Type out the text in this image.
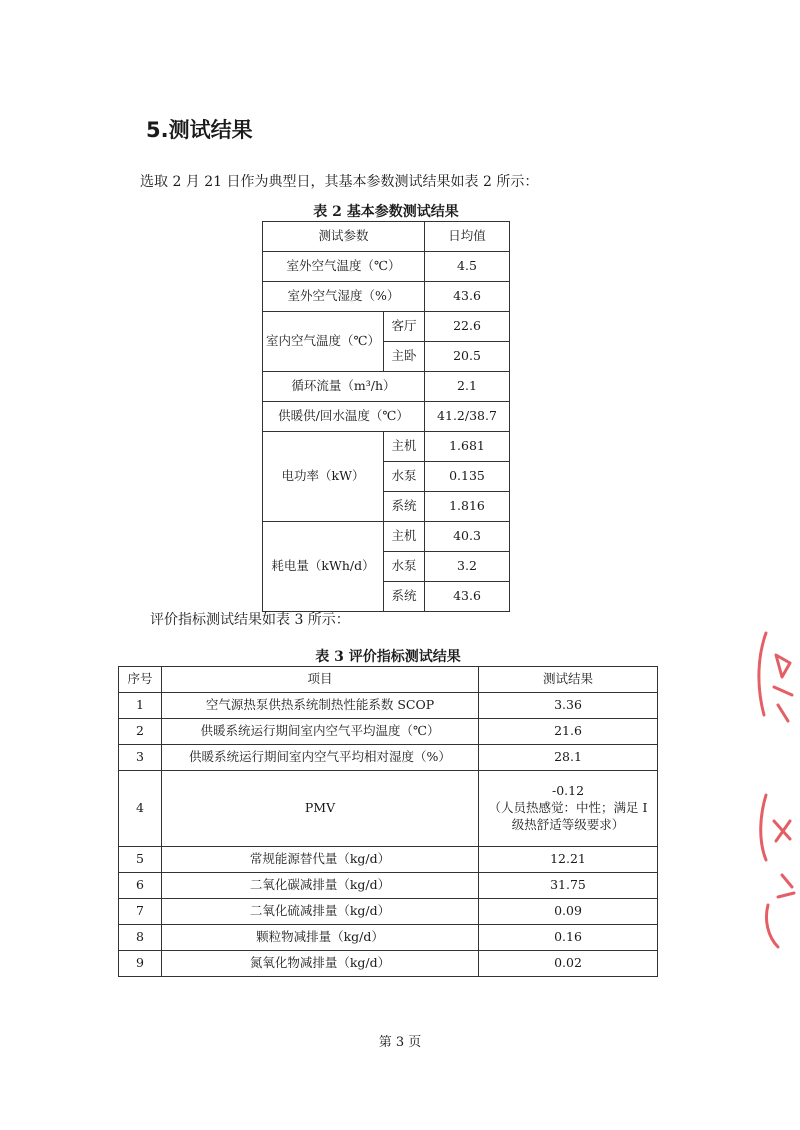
5.测试结果

选取 2 月 21 日作为典型日，其基本参数测试结果如表 2 所示：

表 2 基本参数测试结果

测试参数		日均值
室外空气温度（℃）		4.5
室外空气湿度（%）		43.6
室内空气温度（℃）	客厅	22.6
	主卧	20.5
循环流量（m³/h）		2.1
供暖供/回水温度（℃）		41.2/38.7
电功率（kW）	主机	1.681
	水泵	0.135
	系统	1.816
耗电量（kWh/d）	主机	40.3
	水泵	3.2
	系统	43.6

评价指标测试结果如表 3 所示：

表 3 评价指标测试结果

序号	项目	测试结果
1	空气源热泵供热系统制热性能系数 SCOP	3.36
2	供暖系统运行期间室内空气平均温度（℃）	21.6
3	供暖系统运行期间室内空气平均相对湿度（%）	28.1
4	PMV	-0.12
（人员热感觉：中性；满足 I
级热舒适等级要求）

5	常规能源替代量（kg/d）	12.21
6	二氧化碳减排量（kg/d）	31.75
7	二氧化硫减排量（kg/d）	0.09
8	颗粒物减排量（kg/d）	0.16
9	氮氧化物减排量（kg/d）	0.02

第 3 页
